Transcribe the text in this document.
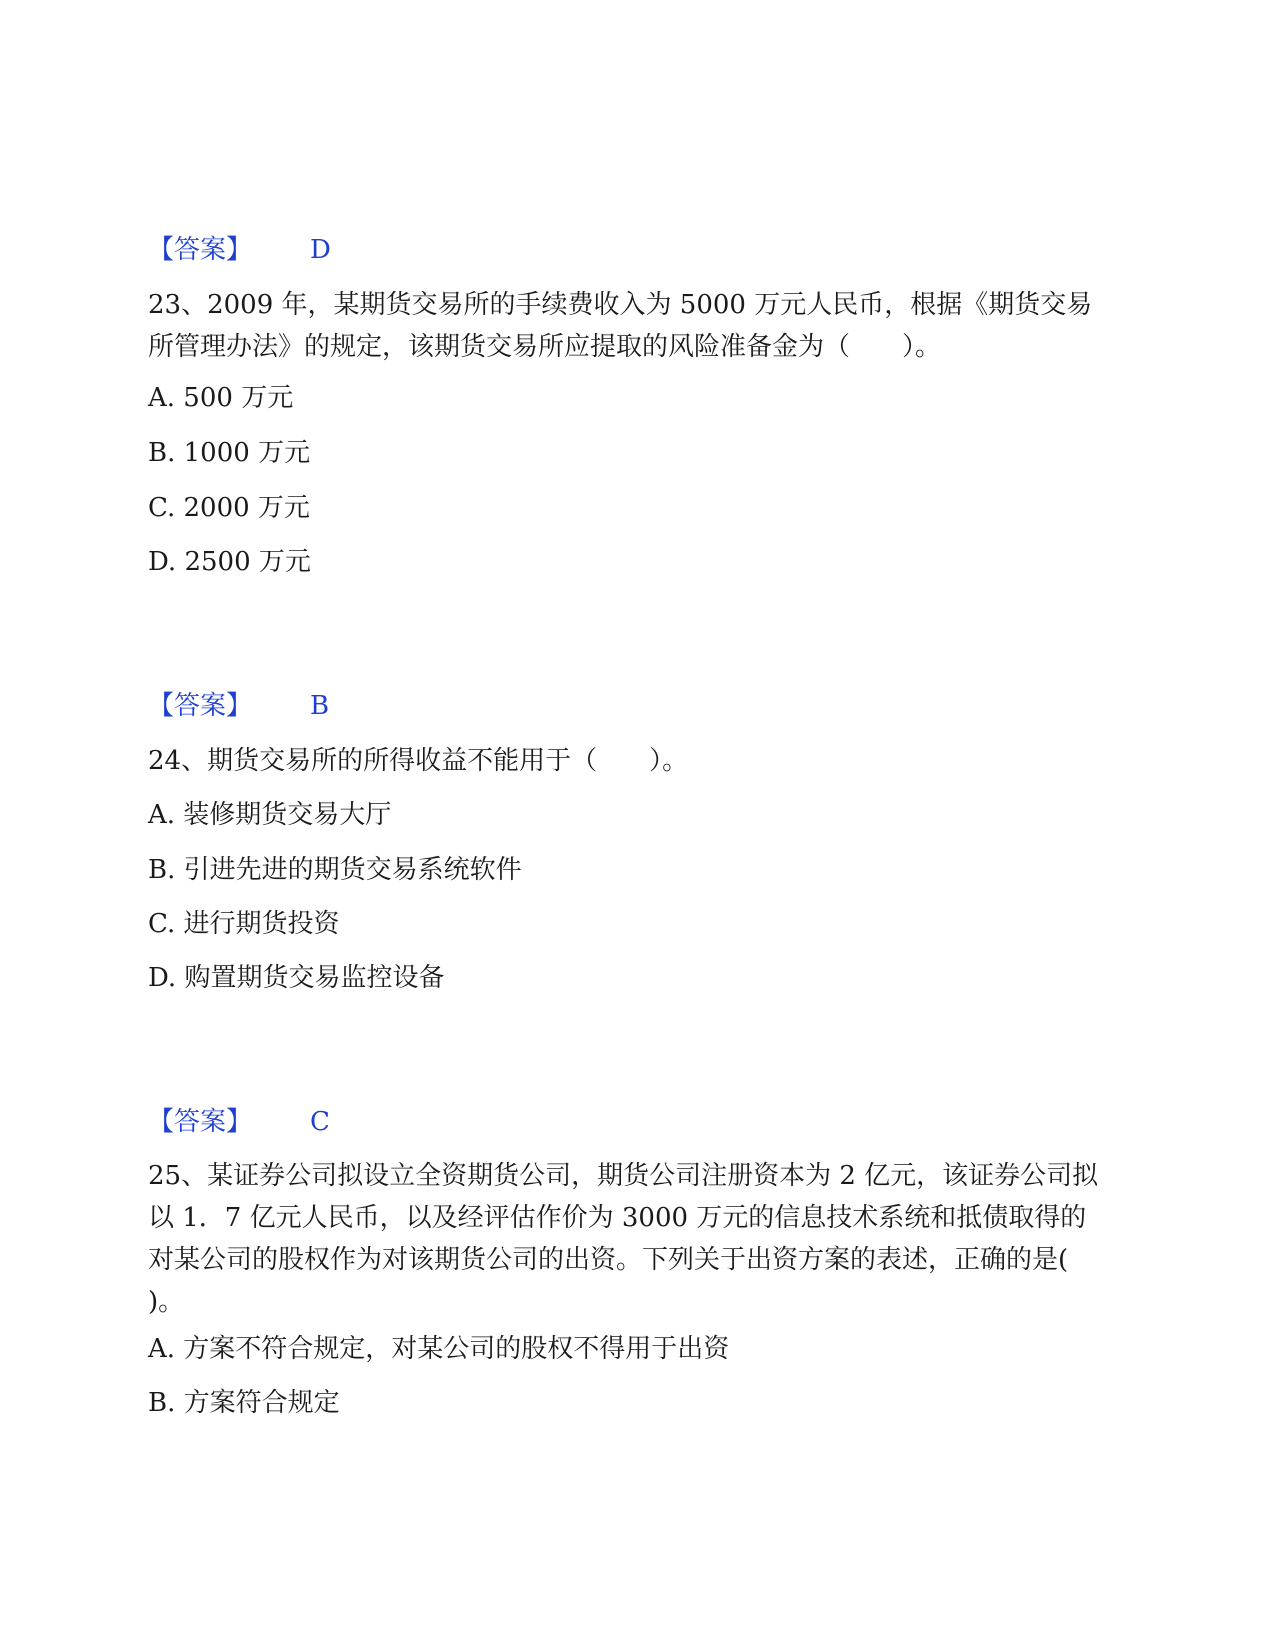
【答案】 D
23、2009 年，某期货交易所的手续费收入为 5000 万元人民币，根据《期货交易所管理办法》的规定，该期货交易所应提取的风险准备金为（　　）。
A. 500 万元
B. 1000 万元
C. 2000 万元
D. 2500 万元
【答案】 B
24、期货交易所的所得收益不能用于（　　）。
A. 装修期货交易大厅
B. 引进先进的期货交易系统软件
C. 进行期货投资
D. 购置期货交易监控设备
【答案】 C
25、某证券公司拟设立全资期货公司，期货公司注册资本为 2 亿元，该证券公司拟以 1．7 亿元人民币，以及经评估作价为 3000 万元的信息技术系统和抵债取得的对某公司的股权作为对该期货公司的出资。下列关于出资方案的表述，正确的是( )。
A. 方案不符合规定，对某公司的股权不得用于出资
B. 方案符合规定
